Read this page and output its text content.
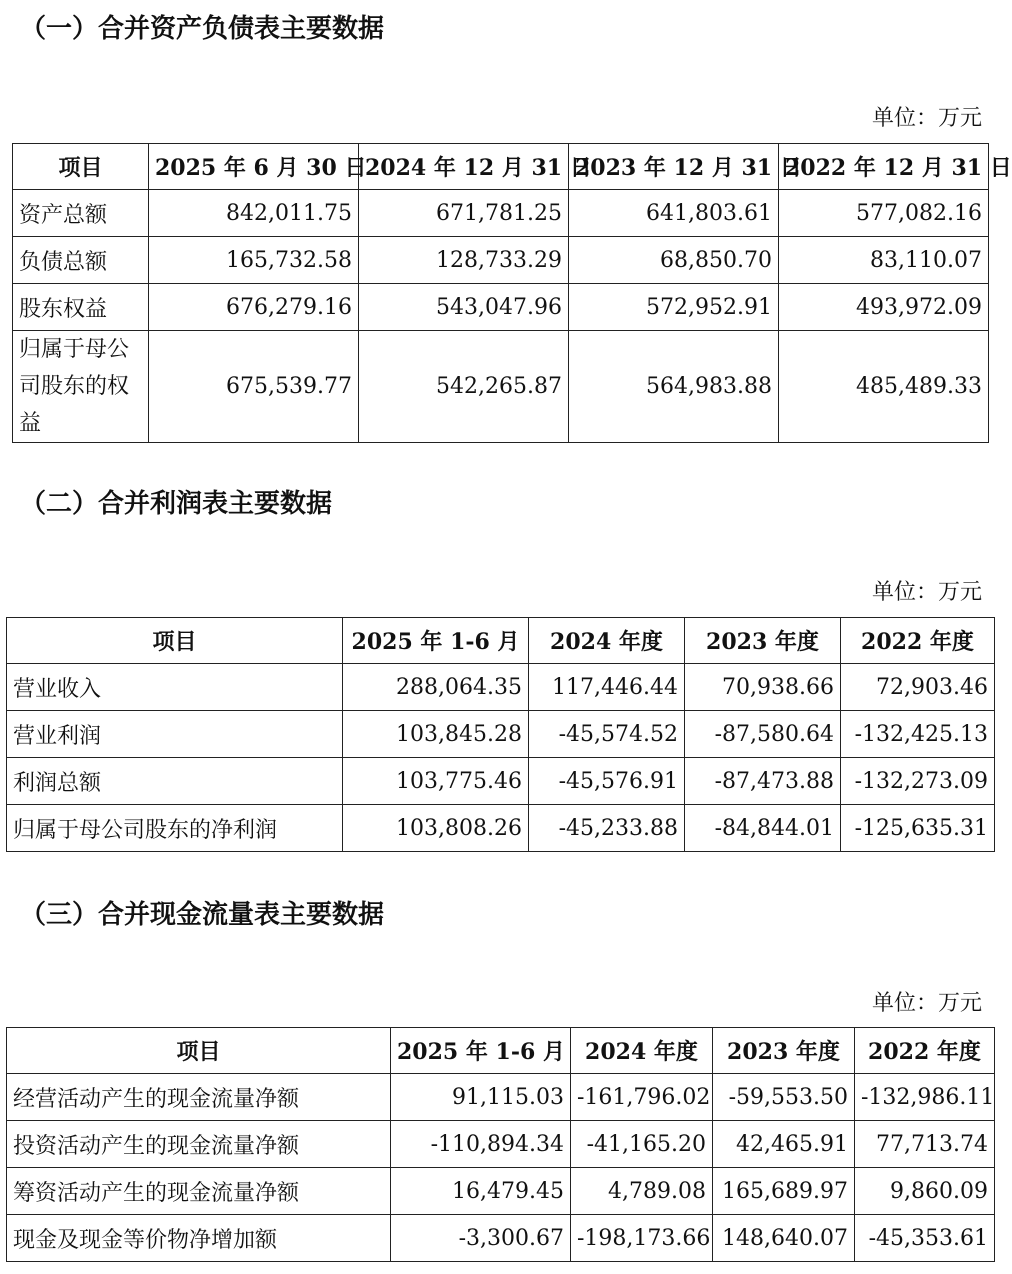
（一）合并资产负债表主要数据
单位：万元
项目	2025 年 6 月 30 日	2024 年 12 月 31 日	2023 年 12 月 31 日	2022 年 12 月 31 日
资产总额	842,011.75	671,781.25	641,803.61	577,082.16
负债总额	165,732.58	128,733.29	68,850.70	83,110.07
股东权益	676,279.16	543,047.96	572,952.91	493,972.09
归属于母公司股东的权益	675,539.77	542,265.87	564,983.88	485,489.33
（二）合并利润表主要数据
单位：万元
项目	2025 年 1-6 月	2024 年度	2023 年度	2022 年度
营业收入	288,064.35	117,446.44	70,938.66	72,903.46
营业利润	103,845.28	-45,574.52	-87,580.64	-132,425.13
利润总额	103,775.46	-45,576.91	-87,473.88	-132,273.09
归属于母公司股东的净利润	103,808.26	-45,233.88	-84,844.01	-125,635.31
（三）合并现金流量表主要数据
单位：万元
项目	2025 年 1-6 月	2024 年度	2023 年度	2022 年度
经营活动产生的现金流量净额	91,115.03	-161,796.02	-59,553.50	-132,986.11
投资活动产生的现金流量净额	-110,894.34	-41,165.20	42,465.91	77,713.74
筹资活动产生的现金流量净额	16,479.45	4,789.08	165,689.97	9,860.09
现金及现金等价物净增加额	-3,300.67	-198,173.66	148,640.07	-45,353.61
